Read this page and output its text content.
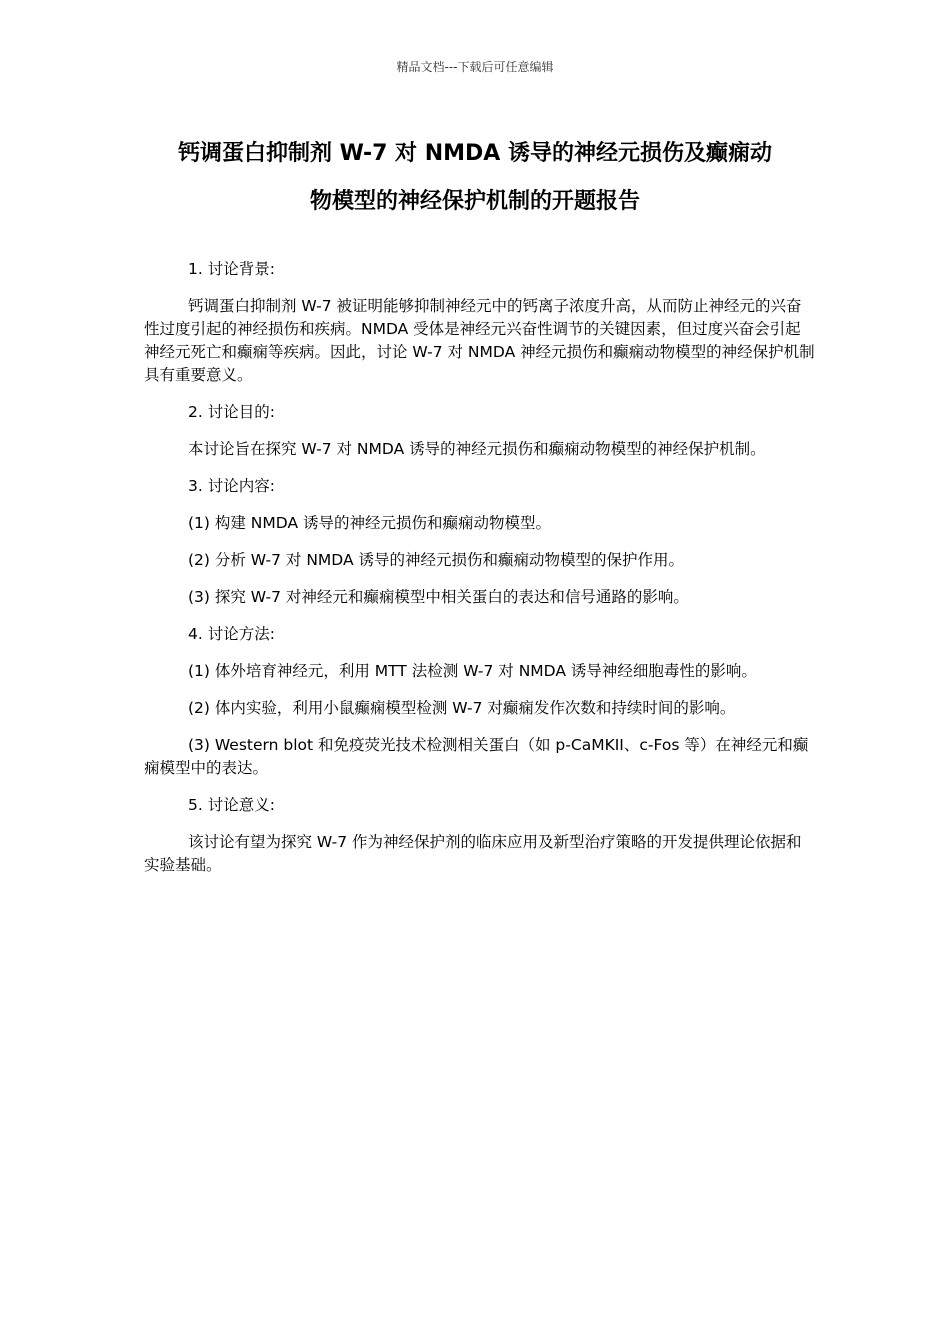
精品文档---下载后可任意编辑
钙调蛋白抑制剂 W-7 对 NMDA 诱导的神经元损伤及癫痫动
物模型的神经保护机制的开题报告

1. 讨论背景:

钙调蛋白抑制剂 W-7 被证明能够抑制神经元中的钙离子浓度升高，从而防止神经元的兴奋性过度引起的神经损伤和疾病。NMDA 受体是神经元兴奋性调节的关键因素，但过度兴奋会引起神经元死亡和癫痫等疾病。因此，讨论 W-7 对 NMDA 神经元损伤和癫痫动物模型的神经保护机制具有重要意义。

2. 讨论目的:

本讨论旨在探究 W-7 对 NMDA 诱导的神经元损伤和癫痫动物模型的神经保护机制。

3. 讨论内容:

(1) 构建 NMDA 诱导的神经元损伤和癫痫动物模型。

(2) 分析 W-7 对 NMDA 诱导的神经元损伤和癫痫动物模型的保护作用。

(3) 探究 W-7 对神经元和癫痫模型中相关蛋白的表达和信号通路的影响。

4. 讨论方法:

(1) 体外培育神经元，利用 MTT 法检测 W-7 对 NMDA 诱导神经细胞毒性的影响。

(2) 体内实验，利用小鼠癫痫模型检测 W-7 对癫痫发作次数和持续时间的影响。

(3) Western blot 和免疫荧光技术检测相关蛋白（如 p-CaMKII、c-Fos 等）在神经元和癫痫模型中的表达。

5. 讨论意义:

该讨论有望为探究 W-7 作为神经保护剂的临床应用及新型治疗策略的开发提供理论依据和实验基础。
